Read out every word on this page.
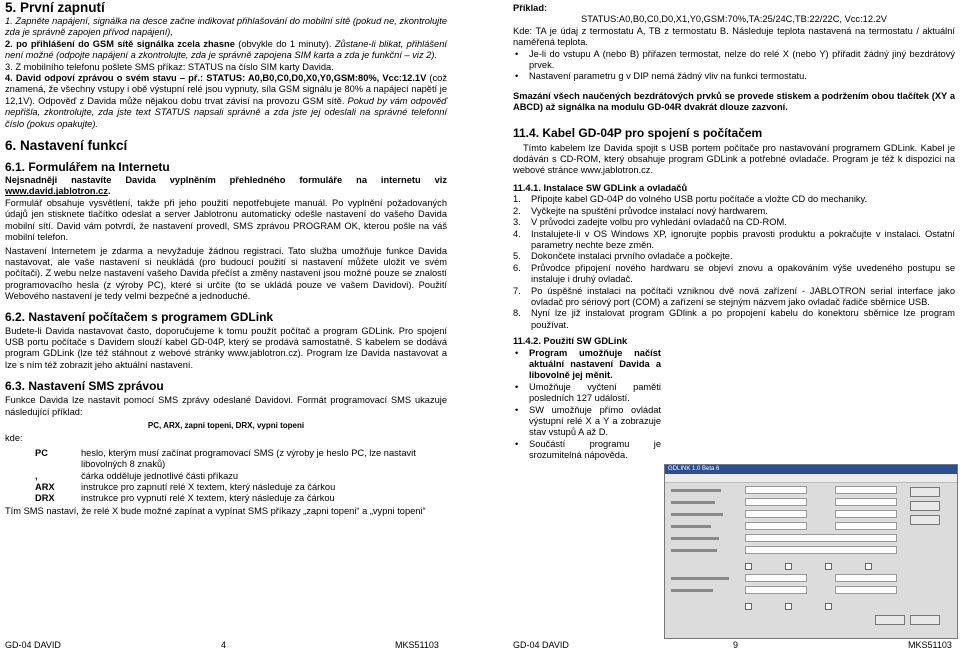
5. První zapnutí

1. Zapněte napájení, signálka na desce začne indikovat přihlašování do mobilní sítě (pokud ne, zkontrolujte zda je správně zapojen přívod napájení),

2. po přihlášení do GSM sítě signálka zcela zhasne (obvykle do 1 minuty). Zůstane-li blikat, přihlášení není možné (odpojte napájení a zkontrolujte, zda je správně zapojena SIM karta a zda je funkční – viz 2).

3. Z mobilního telefonu pošlete SMS příkaz: STATUS na číslo SIM karty Davida.

4. David odpoví zprávou o svém stavu – př.: STATUS: A0,B0,C0,D0,X0,Y0,GSM:80%, Vcc:12.1V (což znamená, že všechny vstupy i obě výstupní relé jsou vypnuty, síla GSM signálu je 80% a napájecí napětí je 12,1V). Odpověď z Davida může nějakou dobu trvat závisí na provozu GSM sítě. Pokud by vám odpověď nepřišla, zkontrolujte, zda jste text STATUS napsali správně a zda jste jej odeslali na správné telefonní číslo (pokus opakujte).

6. Nastavení funkcí
6.1. Formulářem na Internetu

Nejsnadněji nastavíte Davida vyplněním přehledného formuláře na internetu viz www.david.jablotron.cz.

Formulář obsahuje vysvětlení, takže při jeho použití nepotřebujete manuál. Po vyplnění požadovaných údajů jen stisknete tlačítko odeslat a server Jablotronu automaticky odešle nastavení do vašeho Davida mobilní sítí. David vám potvrdí, že nastavení provedl, SMS zprávou PROGRAM OK, kterou pošle na váš mobilní telefon.

Nastavení Internetem je zdarma a nevyžaduje žádnou registraci. Tato služba umožňuje funkce Davida nastavovat, ale vaše nastavení si neukládá (pro budoucí použití si nastavení můžete uložit ve svém počítači). Z webu nelze nastavení vašeho Davida přečíst a změny nastavení jsou možné pouze se znalostí programovacího hesla (z výroby PC), které si určíte (to se ukládá pouze ve vašem Davidovi). Použití Webového nastavení je tedy velmi bezpečné a jednoduché.

6.2. Nastavení počítačem s programem GDLink

Budete-li Davida nastavovat často, doporučujeme k tomu použít počítač a program GDLink. Pro spojení USB portu počítače s Davidem slouží kabel GD-04P, který se prodává samostatně. S kabelem se dodává program GDLink (lze též stáhnout z webové stránky www.jablotron.cz). Program lze Davida nastavovat a lze s ním též zobrazit jeho aktuální nastavení.

6.3. Nastavení SMS zprávou

Funkce Davida lze nastavit pomocí SMS zprávy odeslané Davidovi. Formát programovací SMS ukazuje následující příklad:

PC, ARX, zapni topeni, DRX, vypni topeni

kde:

PC	heslo, kterým musí začínat programovací SMS (z výroby je heslo PC, lze nastavit libovolných 8 znaků)
,	čárka odděluje jednotlivé části příkazu
ARX	instrukce pro zapnutí relé X textem, který následuje za čárkou
DRX	instrukce pro vypnutí relé X textem, který následuje za čárkou

Tím SMS nastaví, že relé X bude možné zapínat a vypínat SMS příkazy „zapni topeni“ a „vypni topeni“

Příklad:

STATUS:A0,B0,C0,D0,X1,Y0,GSM:70%,TA:25/24C,TB:22/22C, Vcc:12.2V

Kde: TA je údaj z termostatu A, TB z termostatu B. Následuje teplota nastavená na termostatu / aktuální naměřená teplota.

•	Je-li do vstupu A (nebo B) přiřazen termostat, nelze do relé X (nebo Y) přiřadit žádný jiný bezdrátový prvek.
•	Nastavení parametru g v DIP nemá žádný vliv na funkci termostatu.

Smazání všech naučených bezdrátových prvků se provede stiskem a podržením obou tlačítek (XY a ABCD) až signálka na modulu GD-04R dvakrát dlouze zazvoní.

11.4. Kabel GD-04P pro spojení s počítačem

Tímto kabelem lze Davida spojit s USB portem počítače pro nastavování programem GDLink. Kabel je dodáván s CD-ROM, který obsahuje program GDLink a potřebné ovladače. Program je též k dispozici na webové stránce www.jablotron.cz.

11.4.1. Instalace SW GDLink a ovladačů

1.	Připojte kabel GD-04P do volného USB portu počítače a vložte CD do mechaniky.
2.	Vyčkejte na spuštění průvodce instalací nový hardwarem.
3.	V průvodci zadejte volbu pro vyhledání ovladačů na CD-ROM.
4.	Instalujete-li v OS Windows XP, ignorujte popbis pravosti produktu a pokračujte v instalaci. Ostatní parametry nechte beze změn.
5.	Dokončete instalaci prvního ovladače a počkejte.
6.	Průvodce připojení nového hardwaru se objeví znovu a opakováním výše uvedeného postupu se instaluje i druhý ovladač.
7.	Po úspěšné instalaci na počítači vzniknou dvě nová zařízení - JABLOTRON serial interface jako ovladač pro sériový port (COM) a zařízení se stejným názvem jako ovladač řadiče sběrnice USB.
8.	Nyní lze již instalovat program GDlink a po propojení kabelu do konektoru sběrnice lze program používat.

11.4.2. Použití SW GDLink

•	Program umožňuje načíst aktuální nastavení Davida a libovolně jej měnit.
•	Umožňuje vyčtení paměti posledních 127 událostí.
•	SW umožňuje přímo ovládat výstupní relé X a Y a zobrazuje stav vstupů A až D.
•	Součástí programu je srozumitelná nápověda.
GDLINK 1.0 Beta 6
GD-04 DAVID	4	MKS51103	GD-04 DAVID	9	MKS51103
